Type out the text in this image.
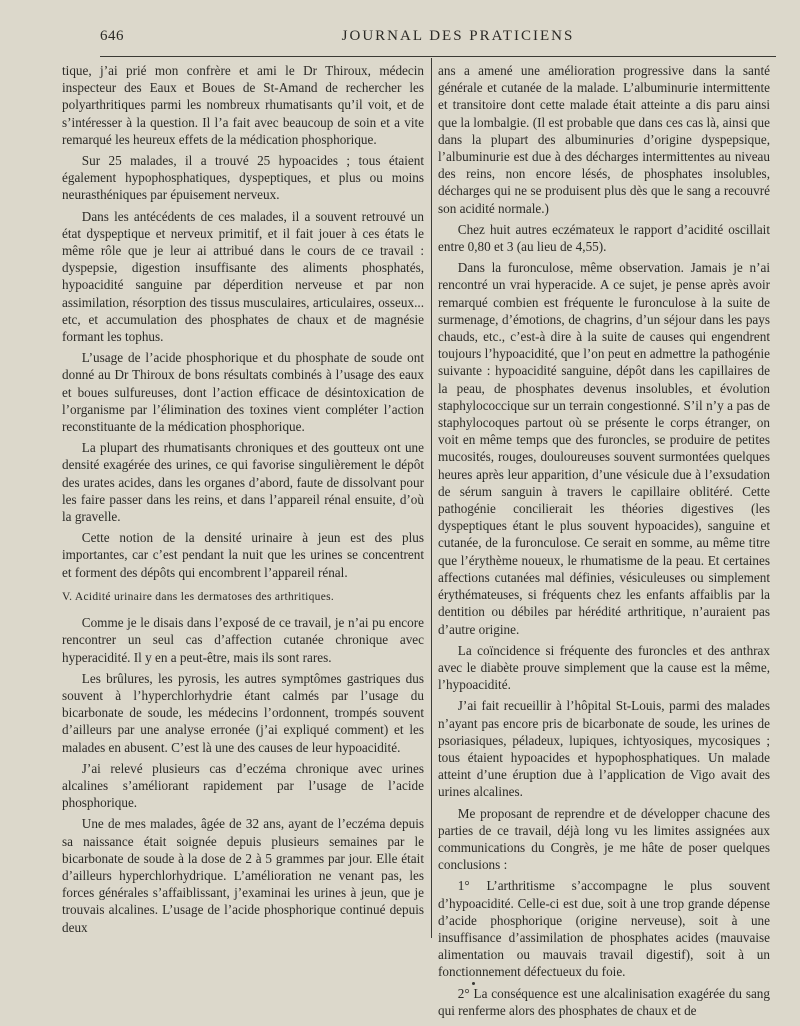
646	JOURNAL DES PRATICIENS

tique, j’ai prié mon confrère et ami le Dr Thiroux, médecin inspecteur des Eaux et Boues de St-Amand de rechercher les polyarthritiques parmi les nombreux rhumatisants qu’il voit, et de s’intéresser à la question. Il l’a fait avec beaucoup de soin et a vite remarqué les heureux effets de la médication phosphorique.

Sur 25 malades, il a trouvé 25 hypoacides ; tous étaient également hypophosphatiques, dyspeptiques, et plus ou moins neurasthéniques par épuisement nerveux.

Dans les antécédents de ces malades, il a souvent retrouvé un état dyspeptique et nerveux primitif, et il fait jouer à ces états le même rôle que je leur ai attribué dans le cours de ce travail : dyspepsie, digestion insuffisante des aliments phosphatés, hypoacidité sanguine par déperdition nerveuse et par non assimilation, résorption des tissus musculaires, articulaires, osseux... etc, et accumulation des phosphates de chaux et de magnésie formant les tophus.

L’usage de l’acide phosphorique et du phosphate de soude ont donné au Dr Thiroux de bons résultats combinés à l’usage des eaux et boues sulfureuses, dont l’action efficace de désintoxication de l’organisme par l’élimination des toxines vient compléter l’action reconstituante de la médication phosphorique.

La plupart des rhumatisants chroniques et des goutteux ont une densité exagérée des urines, ce qui favorise singulièrement le dépôt des urates acides, dans les organes d’abord, faute de dissolvant pour les faire passer dans les reins, et dans l’appareil rénal ensuite, d’où la gravelle.

Cette notion de la densité urinaire à jeun est des plus importantes, car c’est pendant la nuit que les urines se concentrent et forment des dépôts qui encombrent l’appareil rénal.

V. Acidité urinaire dans les dermatoses des arthritiques.

Comme je le disais dans l’exposé de ce travail, je n’ai pu encore rencontrer un seul cas d’affection cutanée chronique avec hyperacidité. Il y en a peut-être, mais ils sont rares.

Les brûlures, les pyrosis, les autres symptômes gastriques dus souvent à l’hyperchlorhydrie étant calmés par l’usage du bicarbonate de soude, les médecins l’ordonnent, trompés souvent d’ailleurs par une analyse erronée (j’ai expliqué comment) et les malades en abusent. C’est là une des causes de leur hypoacidité.

J’ai relevé plusieurs cas d’eczéma chronique avec urines alcalines s’améliorant rapidement par l’usage de l’acide phosphorique.

Une de mes malades, âgée de 32 ans, ayant de l’eczéma depuis sa naissance était soignée depuis plusieurs semaines par le bicarbonate de soude à la dose de 2 à 5 grammes par jour. Elle était d’ailleurs hyperchlorhydrique. L’amélioration ne venant pas, les forces générales s’affaiblissant, j’examinai les urines à jeun, que je trouvais alcalines. L’usage de l’acide phosphorique continué depuis deux

ans a amené une amélioration progressive dans la santé générale et cutanée de la malade. L’albuminurie intermittente et transitoire dont cette malade était atteinte a dis paru ainsi que la lombalgie. (Il est probable que dans ces cas là, ainsi que dans la plupart des albuminuries d’origine dyspepsique, l’albuminurie est due à des décharges intermittentes au niveau des reins, non encore lésés, de phosphates insolubles, décharges qui ne se produisent plus dès que le sang a recouvré son acidité normale.)

Chez huit autres eczémateux le rapport d’acidité oscillait entre 0,80 et 3 (au lieu de 4,55).

Dans la furonculose, même observation. Jamais je n’ai rencontré un vrai hyperacide. A ce sujet, je pense après avoir remarqué combien est fréquente le furonculose à la suite de surmenage, d’émotions, de chagrins, d’un séjour dans les pays chauds, etc., c’est-à dire à la suite de causes qui engendrent toujours l’hypoacidité, que l’on peut en admettre la pathogénie suivante : hypoacidité sanguine, dépôt dans les capillaires de la peau, de phosphates devenus insolubles, et évolution staphylococcique sur un terrain congestionné. S’il n’y a pas de staphylocoques partout où se présente le corps étranger, on voit en même temps que des furoncles, se produire de petites mucosités, rouges, douloureuses souvent surmontées quelques heures après leur apparition, d’une vésicule due à l’exsudation de sérum sanguin à travers le capillaire oblitéré. Cette pathogénie concilierait les théories digestives (les dyspeptiques étant le plus souvent hypoacides), sanguine et cutanée, de la furonculose. Ce serait en somme, au même titre que l’érythème noueux, le rhumatisme de la peau. Et certaines affections cutanées mal définies, vésiculeuses ou simplement érythémateuses, si fréquents chez les enfants affaiblis par la dentition ou débiles par hérédité arthritique, n’auraient pas d’autre origine.

La coïncidence si fréquente des furoncles et des anthrax avec le diabète prouve simplement que la cause est la même, l’hypoacidité.

J’ai fait recueillir à l’hôpital St-Louis, parmi des malades n’ayant pas encore pris de bicarbonate de soude, les urines de psoriasiques, péladeux, lupiques, ichtyosiques, mycosiques ; tous étaient hypoacides et hypophosphatiques. Un malade atteint d’une éruption due à l’application de Vigo avait des urines alcalines.

Me proposant de reprendre et de développer chacune des parties de ce travail, déjà long vu les limites assignées aux communications du Congrès, je me hâte de poser quelques conclusions :

1° L’arthritisme s’accompagne le plus souvent d’hypoacidité. Celle-ci est due, soit à une trop grande dépense d’acide phosphorique (origine nerveuse), soit à une insuffisance d’assimilation de phosphates acides (mauvaise alimentation ou mauvais travail digestif), soit à un fonctionnement défectueux du foie.

2° La conséquence est une alcalinisation exagérée du sang qui renferme alors des phosphates de chaux et de
